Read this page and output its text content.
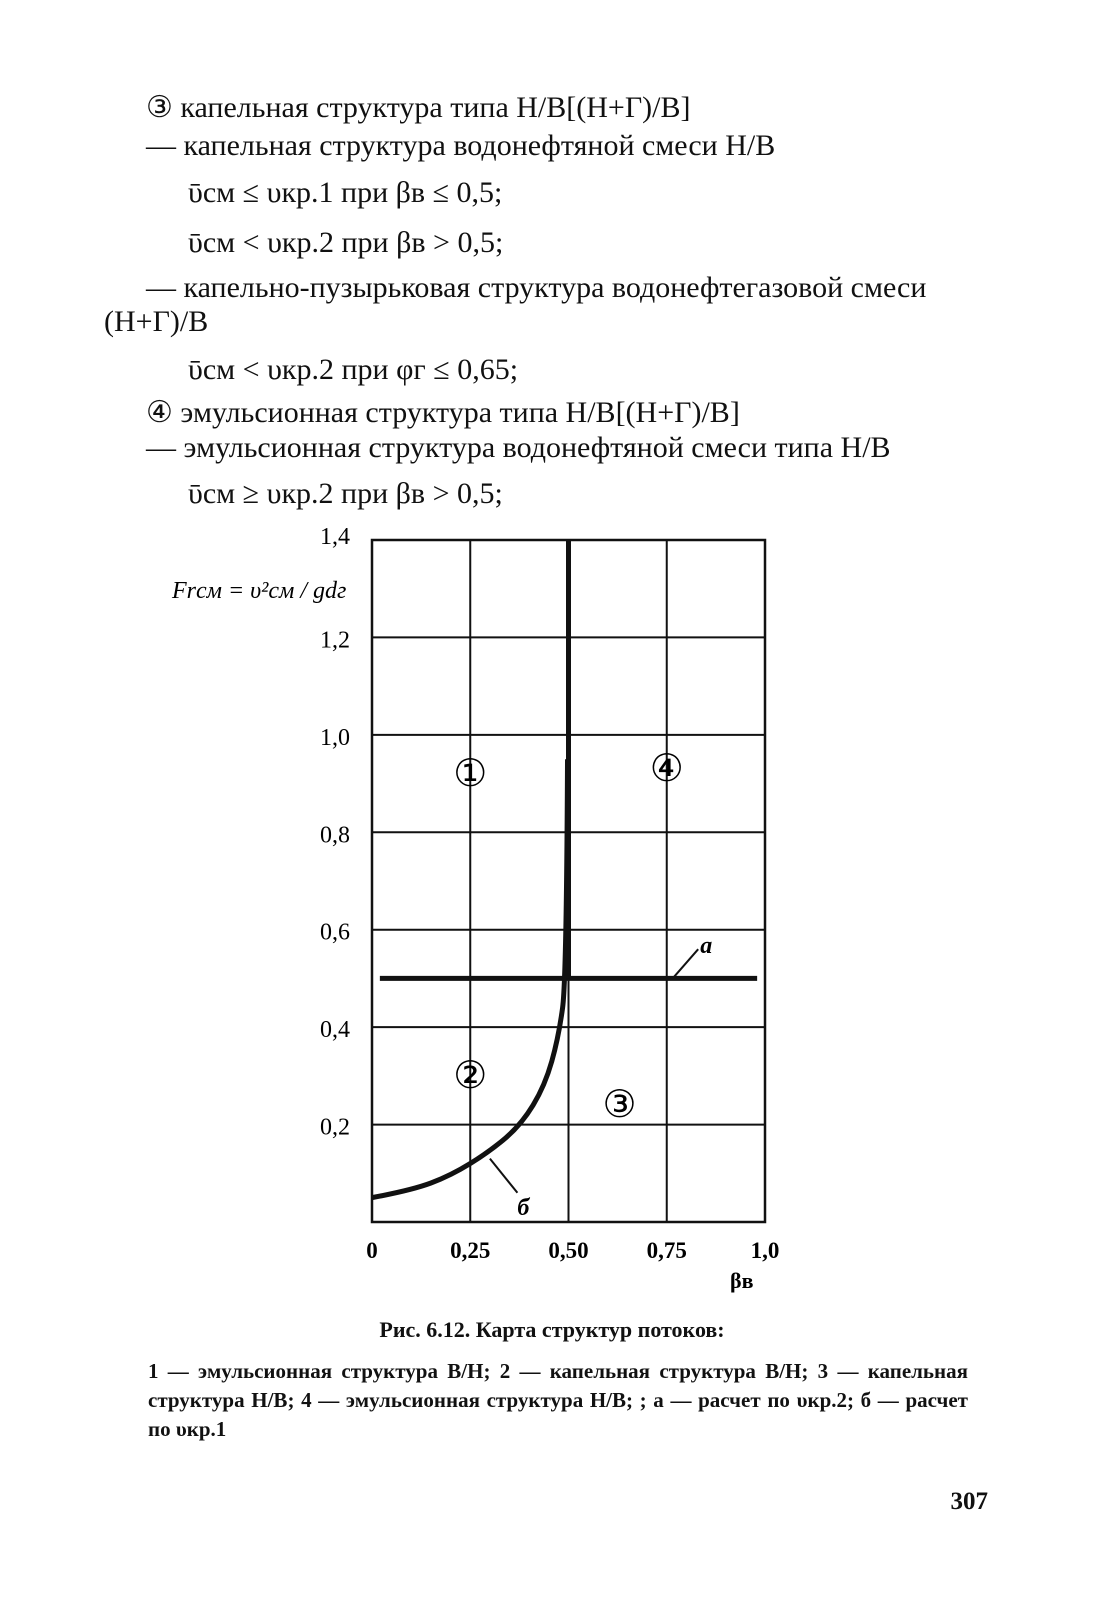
③ капельная структура типа Н/В[(Н+Г)/В]
— капельная структура водонефтяной смеси Н/В
ῡсм ≤ υкр.1 при βв ≤ 0,5;
ῡсм < υкр.2 при βв > 0,5;
— капельно-пузырьковая структура водонефтегазовой смеси
(Н+Г)/В
ῡсм < υкр.2 при φг ≤ 0,65;
④ эмульсионная структура типа Н/В[(Н+Г)/В]
— эмульсионная структура водонефтяной смеси типа Н/В
ῡсм ≥ υкр.2 при βв > 0,5;
0	0,25	0,50	0,75	1,0
0,2
0,4
0,6
0,8
1,0
1,2
1,4
а
б
①	④
②
③
Frсм = υ²см / gdг
βв
Рис. 6.12. Карта структур потоков:
1 — эмульсионная структура В/Н; 2 — капельная структура В/Н; 3 — капельная структура Н/В; 4 — эмульсионная структура Н/В; ; а — расчет по υкр.2; б — расчет по υкр.1
307
